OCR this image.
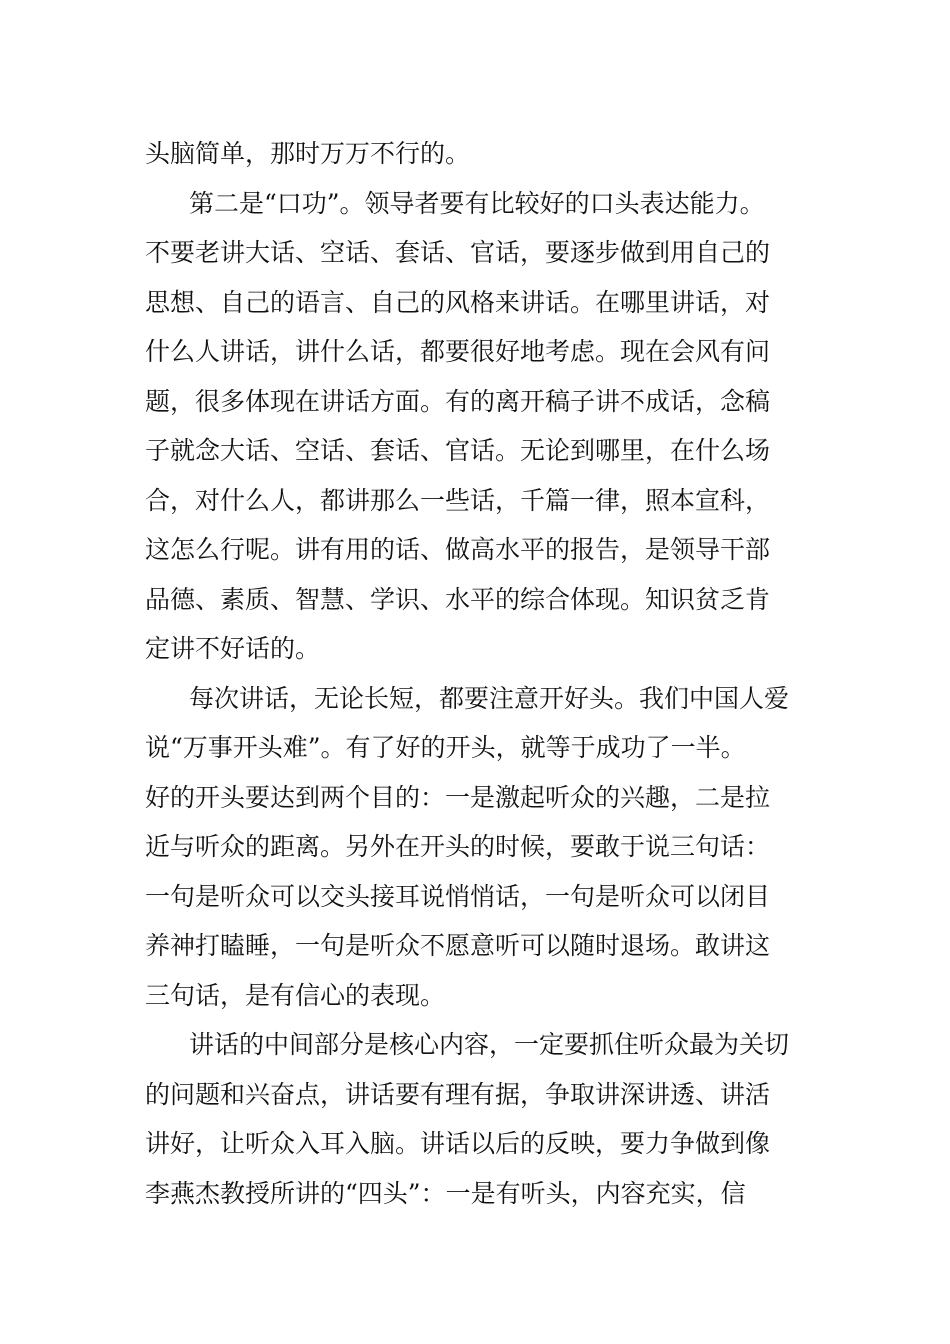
头脑简单，那时万万不行的。
第二是“口功”。领导者要有比较好的口头表达能力。
不要老讲大话、空话、套话、官话，要逐步做到用自己的
思想、自己的语言、自己的风格来讲话。在哪里讲话，对
什么人讲话，讲什么话，都要很好地考虑。现在会风有问
题，很多体现在讲话方面。有的离开稿子讲不成话，念稿
子就念大话、空话、套话、官话。无论到哪里，在什么场
合，对什么人，都讲那么一些话，千篇一律，照本宣科，
这怎么行呢。讲有用的话、做高水平的报告，是领导干部
品德、素质、智慧、学识、水平的综合体现。知识贫乏肯
定讲不好话的。
每次讲话，无论长短，都要注意开好头。我们中国人爱
说“万事开头难”。有了好的开头，就等于成功了一半。
好的开头要达到两个目的：一是激起听众的兴趣，二是拉
近与听众的距离。另外在开头的时候，要敢于说三句话：
一句是听众可以交头接耳说悄悄话，一句是听众可以闭目
养神打瞌睡，一句是听众不愿意听可以随时退场。敢讲这
三句话，是有信心的表现。
讲话的中间部分是核心内容，一定要抓住听众最为关切
的问题和兴奋点，讲话要有理有据，争取讲深讲透、讲活
讲好，让听众入耳入脑。讲话以后的反映，要力争做到像
李燕杰教授所讲的“四头”：一是有听头，内容充实，信
